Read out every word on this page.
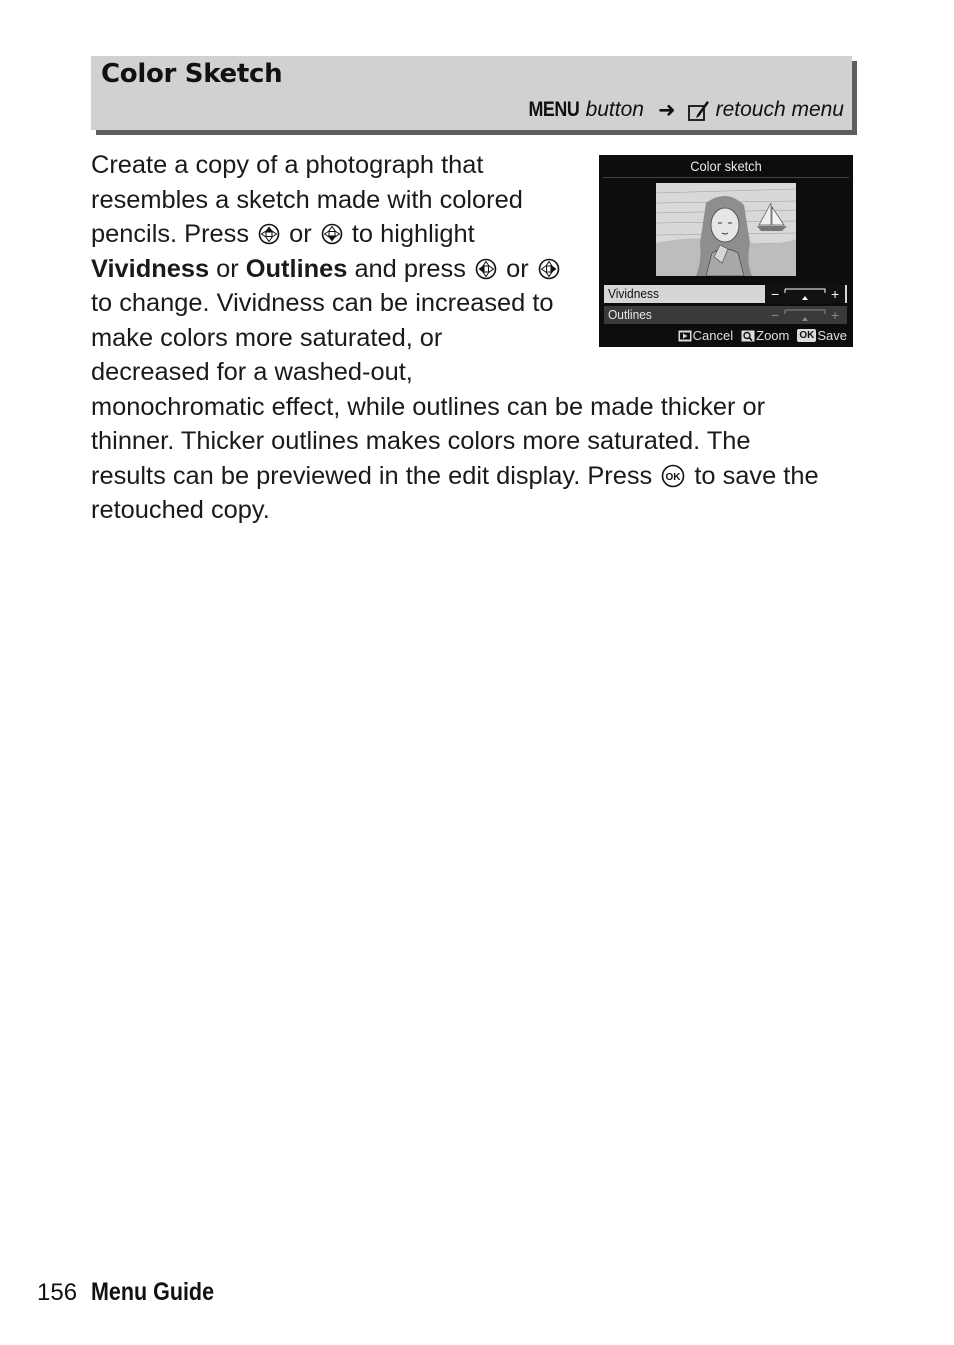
Color Sketch
MENU button ➜ retouch menu
Create a copy of a photograph that
resembles a sketch made with colored
pencils. Press or to highlight
Vividness or Outlines and press or
to change. Vividness can be increased to
make colors more saturated, or
decreased for a washed-out,
monochromatic effect, while outlines can be made thicker or
thinner. Thicker outlines makes colors more saturated. The
results can be previewed in the edit display. Press OK to save the
retouched copy.
Color sketch
Vividness	−	+
Outlines	−	+
Cancel Zoom OK Save
156 Menu Guide
